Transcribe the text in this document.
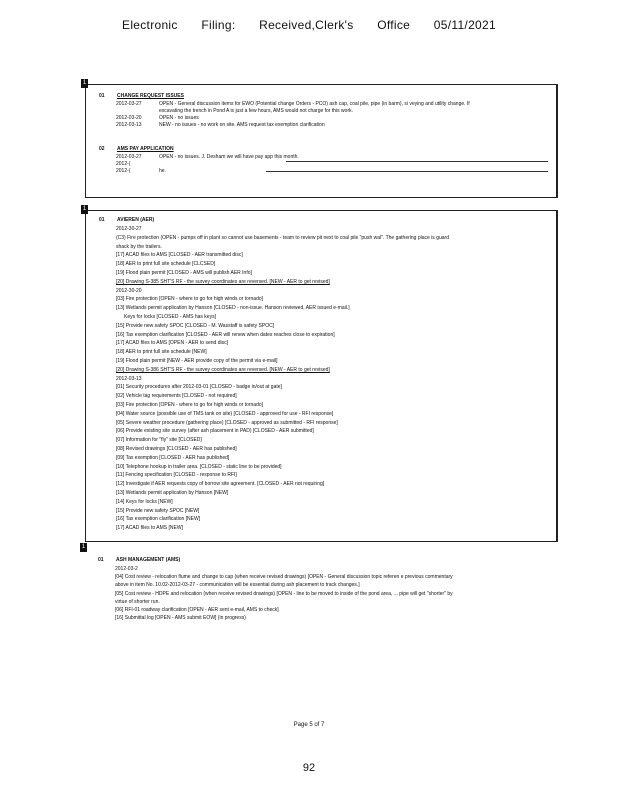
Electronic Filing: Received,Clerk's Office 05/11/2021
1
01 CHANGE REQUEST ISSUES
2012-03-27	OPEN - General discussion items for EWO (Potential change Orders - PCO) ash cap, coal pile, pipe (in barm), si veying and utility change. If
excavating the trench in Pond A is just a few hours, AMS would not charge for this work.
2012-03-20	OPEN - no issues
2012-03-13	NEW - no issues - no work on site. AMS request tax exemption clarification
02 AMS PAY APPLICATION
2012-03-27	OPEN - no issues. J. Desham we will have pay app this month.
2012-(
2012-(	he.
1
01 AVIEREN (AER)
2012-30-27
(C3) Fire protection (OPEN - pumps off in plant so cannot use basements - team to review pit next to coal pile "push wal". The gathering place is guard
shack by the trailers.
[17] ACAD files to AMS [CLOSED - AER transmitted disc]
[18] AER to print full site schedule [CLCSED]
[19] Flood plain permit [CLOSED - AMS will publish AER Info]
[20] Drawing S-385 SHT'S RF - the survey coordinates are reversed. [NEW - AER to get revised]
2012-30-20
[03] Fire protection [OPEN - where to go for high winds or tornado]
[13] Wetlands permit application by Hanson [CLOSED - non-issue. Hanson reviewed, AER issued e-mail.]
Keys for locks [CLOSED - AMS has keys]
[15] Provide new safety SPOC [CLOSED - M. Wasstaff is safety SPOC]
[16] Tax exemption clarification [CLOSED - AER will renew when dates reaches close to expiration]
[17] ACAD files to AMS [OPEN - AER to send disc]
[18] AER to print full site schedule [NEW]
[19] Flood plain permit [NEW - AER provide copy of the permit via e-mail]
[20] Drawing S-386 SHT'S RF - the survey coordinates are reversed. [NEW - AER to get revised]
2012-03-13
[01] Security procedures after 2012-03-01 [CLOSED - badge in/out at gate]
[02] Vehicle tag requirements [CLOSED - not required]
[03] Fire protection [OPEN - where to go for high winds or tornado]
[04] Water source (possible use of TMS tank on site) [CLOSED - approved for use - RFI response]
[05] Severe weather procedure (gathering place) [CLOSED - approved as submitted - RFI response]
[06] Provide existing site survey (after ash placement in PAD) [CLOSED - AER submitted]
[07] Information for "fly" site [CLOSED]
[08] Revised drawings [CLOSED - AER has published]
[09] Tax exemption [CLOSED - AER has published]
[10] Telephone hookup in trailer area. [CLOSED - static line to be provided]
[11] Fencing specification [CLOSED - response to RFI]
[12] Investigate if AER requests copy of borrow site agreement. [CLOSED - AER not requiring]
[13] Wetlands permit application by Hanson [NEW]
[14] Keys for locks [NEW]
[15] Provide new safety SPOC [NEW]
[16] Tax exemption clarification [NEW]
[17] ACAD files to AMS [NEW]
1
01 ASH MANAGEMENT (AMS)
2012-03-2
[04] Cost review - relocation flume and change to cap (when receive revised drawings) [OPEN - General discussion topic referen e previous commentary
above in item No. 10.02-2012-03-27 - communication will be essential during ash placement to track changes.]
[05] Cost review - HDPE and relocation (when receive revised drawings) [OPEN - line to be moved to inside of the pond area, ... pipe will get "shorter" by
virtue of shorter run.
[06] RFI-01 roadway clarification [OPEN - AER sent e-mail, AMS to check]
[16] Submittal log [OPEN - AMS submit EOW] (in progress)
Page 5 of 7
92
